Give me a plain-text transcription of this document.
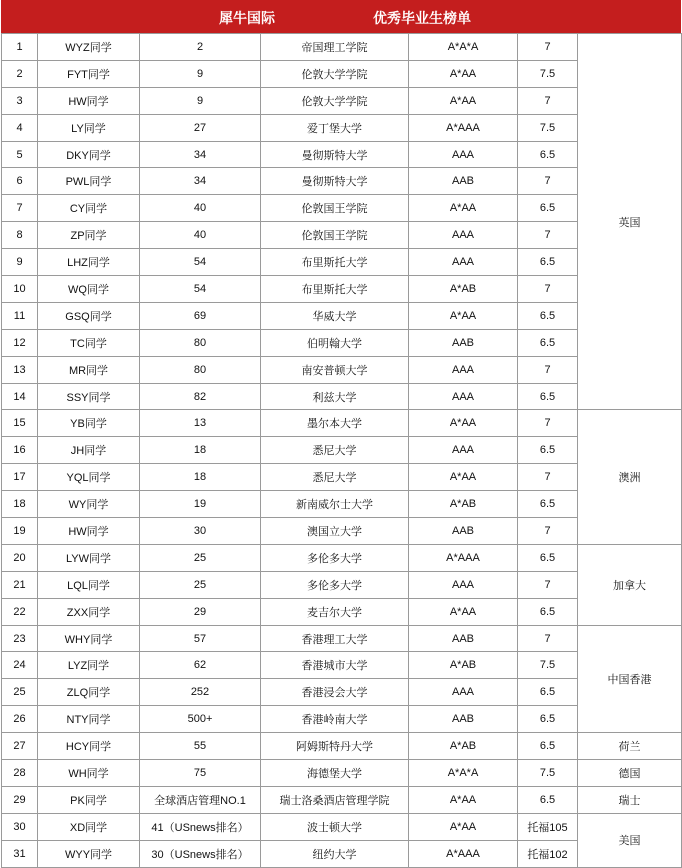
犀牛国际	优秀毕业生榜单
1	WYZ同学	2	帝国理工学院	A*A*A	7	英国
2	FYT同学	9	伦敦大学学院	A*AA	7.5	
3	HW同学	9	伦敦大学学院	A*AA	7	
4	LY同学	27	爱丁堡大学	A*AAA	7.5	
5	DKY同学	34	曼彻斯特大学	AAA	6.5	
6	PWL同学	34	曼彻斯特大学	AAB	7	
7	CY同学	40	伦敦国王学院	A*AA	6.5	
8	ZP同学	40	伦敦国王学院	AAA	7	
9	LHZ同学	54	布里斯托大学	AAA	6.5	
10	WQ同学	54	布里斯托大学	A*AB	7	
11	GSQ同学	69	华威大学	A*AA	6.5	
12	TC同学	80	伯明翰大学	AAB	6.5	
13	MR同学	80	南安普顿大学	AAA	7	
14	SSY同学	82	利兹大学	AAA	6.5	
15	YB同学	13	墨尔本大学	A*AA	7	澳洲
16	JH同学	18	悉尼大学	AAA	6.5	
17	YQL同学	18	悉尼大学	A*AA	7	
18	WY同学	19	新南威尔士大学	A*AB	6.5	
19	HW同学	30	澳国立大学	AAB	7	
20	LYW同学	25	多伦多大学	A*AAA	6.5	加拿大
21	LQL同学	25	多伦多大学	AAA	7	
22	ZXX同学	29	麦吉尔大学	A*AA	6.5	
23	WHY同学	57	香港理工大学	AAB	7	中国香港
24	LYZ同学	62	香港城市大学	A*AB	7.5	
25	ZLQ同学	252	香港浸会大学	AAA	6.5	
26	NTY同学	500+	香港岭南大学	AAB	6.5	
27	HCY同学	55	阿姆斯特丹大学	A*AB	6.5	荷兰
28	WH同学	75	海德堡大学	A*A*A	7.5	德国
29	PK同学	全球酒店管理NO.1	瑞士洛桑酒店管理学院	A*AA	6.5	瑞士
30	XD同学	41（USnews排名）	波士顿大学	A*AA	托福105	美国
31	WYY同学	30（USnews排名）	纽约大学	A*AAA	托福102	
